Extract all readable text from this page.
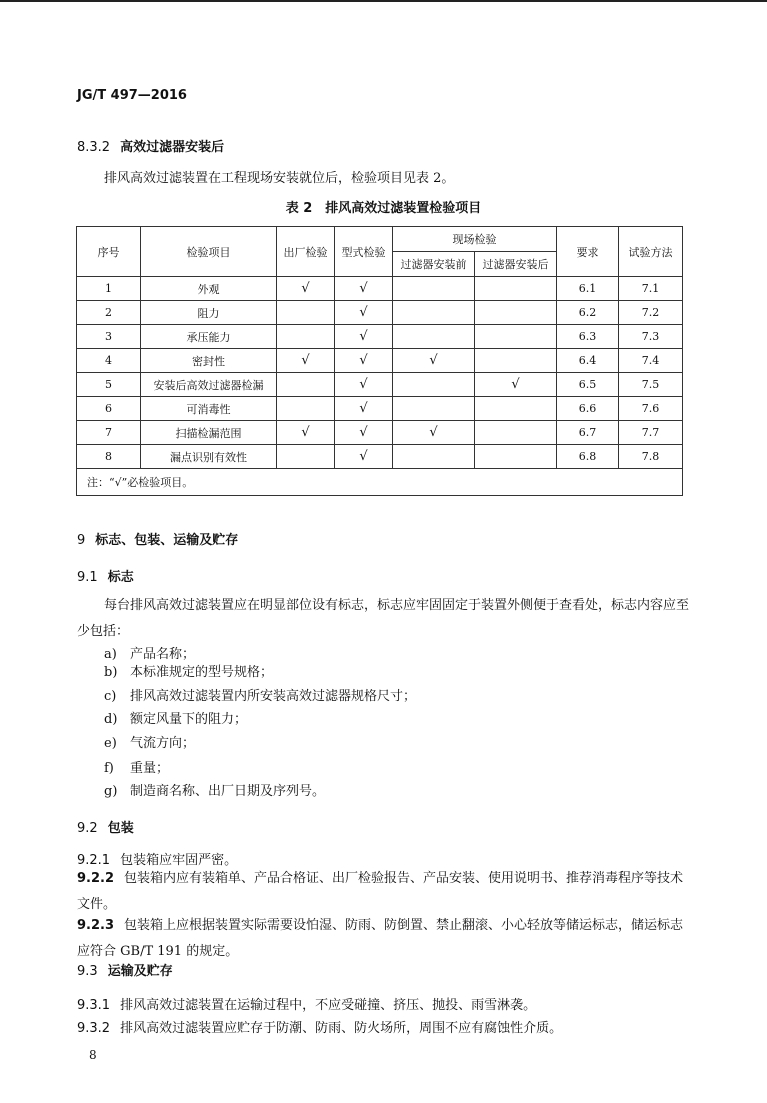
JG/T 497—2016
8.3.2 高效过滤器安装后
排风高效过滤装置在工程现场安装就位后，检验项目见表 2。
表 2　排风高效过滤装置检验项目
序号	检验项目	出厂检验	型式检验	现场检验		要求	试验方法
				过滤器安装前	过滤器安装后		
1	外观	√	√			6.1	7.1
2	阻力		√			6.2	7.2
3	承压能力		√			6.3	7.3
4	密封性	√	√	√		6.4	7.4
5	安装后高效过滤器检漏		√		√	6.5	7.5
6	可消毒性		√			6.6	7.6
7	扫描检漏范围	√	√	√		6.7	7.7
8	漏点识别有效性		√			6.8	7.8
注：“√”必检验项目。							
9 标志、包装、运输及贮存
9.1 标志
每台排风高效过滤装置应在明显部位设有标志，标志应牢固固定于装置外侧便于查看处，标志内容应至少包括：
a) 产品名称；
b) 本标准规定的型号规格；
c) 排风高效过滤装置内所安装高效过滤器规格尺寸；
d) 额定风量下的阻力；
e) 气流方向；
f) 重量；
g) 制造商名称、出厂日期及序列号。
9.2 包装
9.2.1 包装箱应牢固严密。
9.2.2 包装箱内应有装箱单、产品合格证、出厂检验报告、产品安装、使用说明书、推荐消毒程序等技术文件。
9.2.3 包装箱上应根据装置实际需要设怕湿、防雨、防倒置、禁止翻滚、小心轻放等储运标志，储运标志应符合 GB/T 191 的规定。
9.3 运输及贮存
9.3.1 排风高效过滤装置在运输过程中，不应受碰撞、挤压、抛投、雨雪淋袭。
9.3.2 排风高效过滤装置应贮存于防潮、防雨、防火场所，周围不应有腐蚀性介质。
8
